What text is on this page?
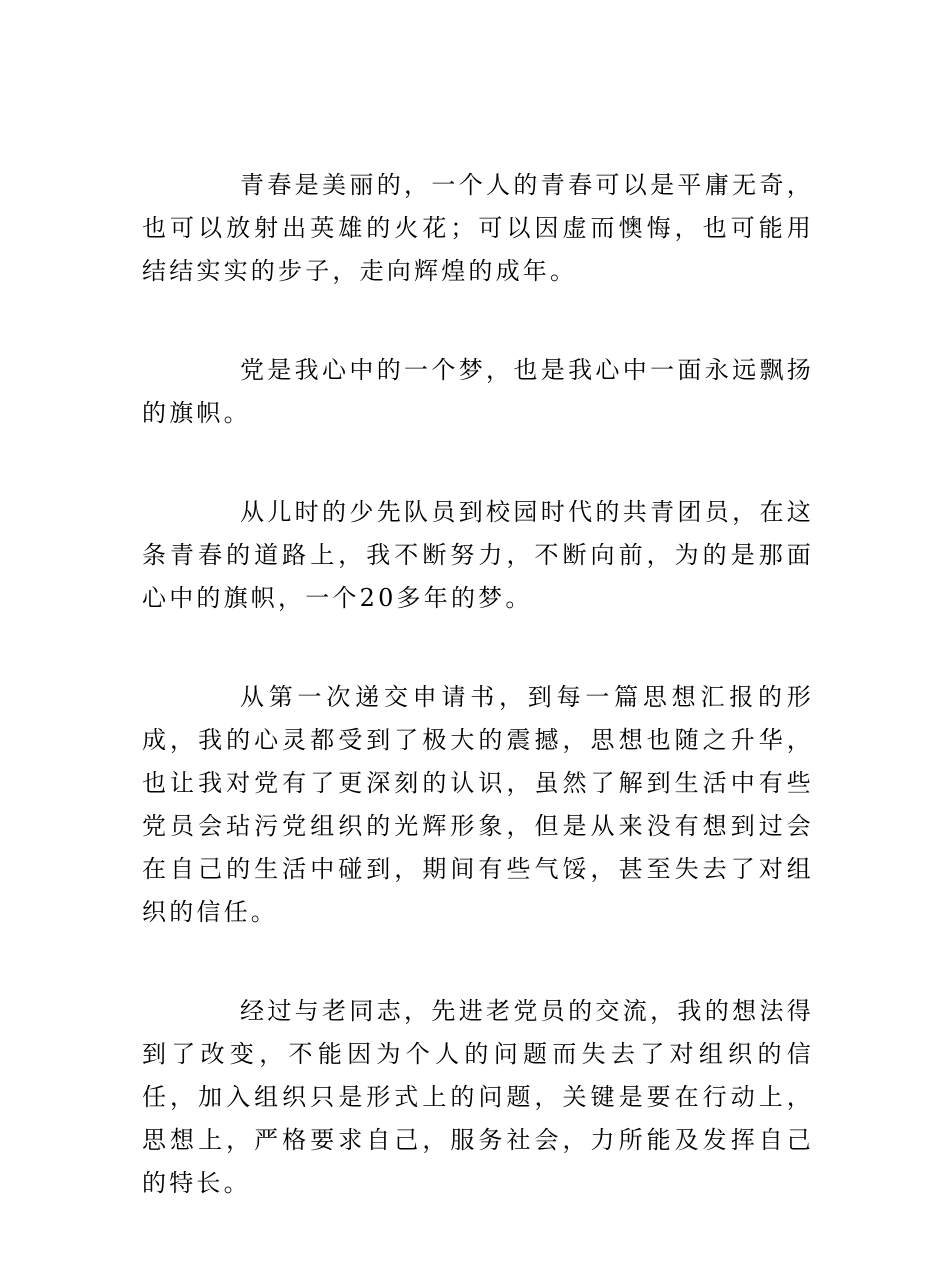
青春是美丽的，一个人的青春可以是平庸无奇，也可以放射出英雄的火花；可以因虚而懊悔，也可能用结结实实的步子，走向辉煌的成年。

党是我心中的一个梦，也是我心中一面永远飘扬的旗帜。

从儿时的少先队员到校园时代的共青团员，在这条青春的道路上，我不断努力，不断向前，为的是那面心中的旗帜，一个20多年的梦。

从第一次递交申请书，到每一篇思想汇报的形成，我的心灵都受到了极大的震撼，思想也随之升华，也让我对党有了更深刻的认识，虽然了解到生活中有些党员会玷污党组织的光辉形象，但是从来没有想到过会在自己的生活中碰到，期间有些气馁，甚至失去了对组织的信任。

经过与老同志，先进老党员的交流，我的想法得到了改变，不能因为个人的问题而失去了对组织的信任，加入组织只是形式上的问题，关键是要在行动上，思想上，严格要求自己，服务社会，力所能及发挥自己的特长。
